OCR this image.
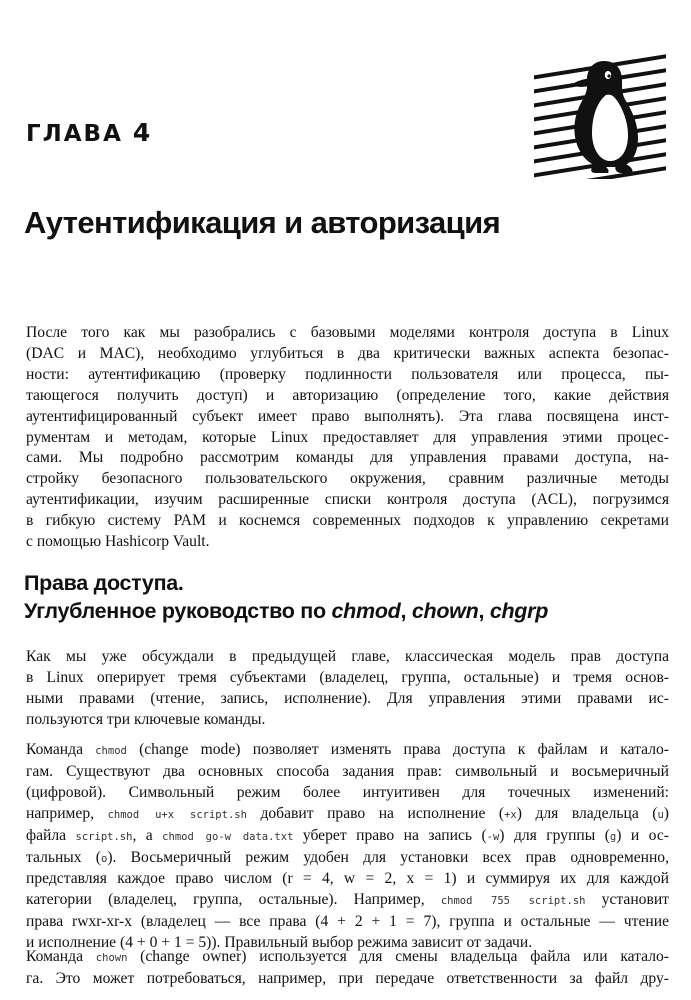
ГЛАВА 4
Аутентификация и авторизация

После того как мы разобрались с базовыми моделями контроля доступа в Linux
(DAC и MAC), необходимо углубиться в два критически важных аспекта безопас-
ности: аутентификацию (проверку подлинности пользователя или процесса, пы-
тающегося получить доступ) и авторизацию (определение того, какие действия
аутентифицированный субъект имеет право выполнять). Эта глава посвящена инст-
рументам и методам, которые Linux предоставляет для управления этими процес-
сами. Мы подробно рассмотрим команды для управления правами доступа, на-
стройку безопасного пользовательского окружения, сравним различные методы
аутентификации, изучим расширенные списки контроля доступа (ACL), погрузимся
в гибкую систему PAM и коснемся современных подходов к управлению секретами
с помощью Hashicorp Vault.

Права доступа.
Углубленное руководство по chmod, chown, chgrp

Как мы уже обсуждали в предыдущей главе, классическая модель прав доступа
в Linux оперирует тремя субъектами (владелец, группа, остальные) и тремя основ-
ными правами (чтение, запись, исполнение). Для управления этими правами ис-
пользуются три ключевые команды.

Команда chmod (change mode) позволяет изменять права доступа к файлам и катало-
гам. Существуют два основных способа задания прав: символьный и восьмеричный
(цифровой). Символьный режим более интуитивен для точечных изменений:
например, chmod u+x script.sh добавит право на исполнение (+x) для владельца (u)
файла script.sh, а chmod go-w data.txt уберет право на запись (-w) для группы (g) и ос-
тальных (o). Восьмеричный режим удобен для установки всех прав одновременно,
представляя каждое право числом (r = 4, w = 2, x = 1) и суммируя их для каждой
категории (владелец, группа, остальные). Например, chmod 755 script.sh установит
права rwxr-xr-x (владелец — все права (4 + 2 + 1 = 7), группа и остальные — чтение
и исполнение (4 + 0 + 1 = 5)). Правильный выбор режима зависит от задачи.

Команда chown (change owner) используется для смены владельца файла или катало-
га. Это может потребоваться, например, при передаче ответственности за файл дру-
